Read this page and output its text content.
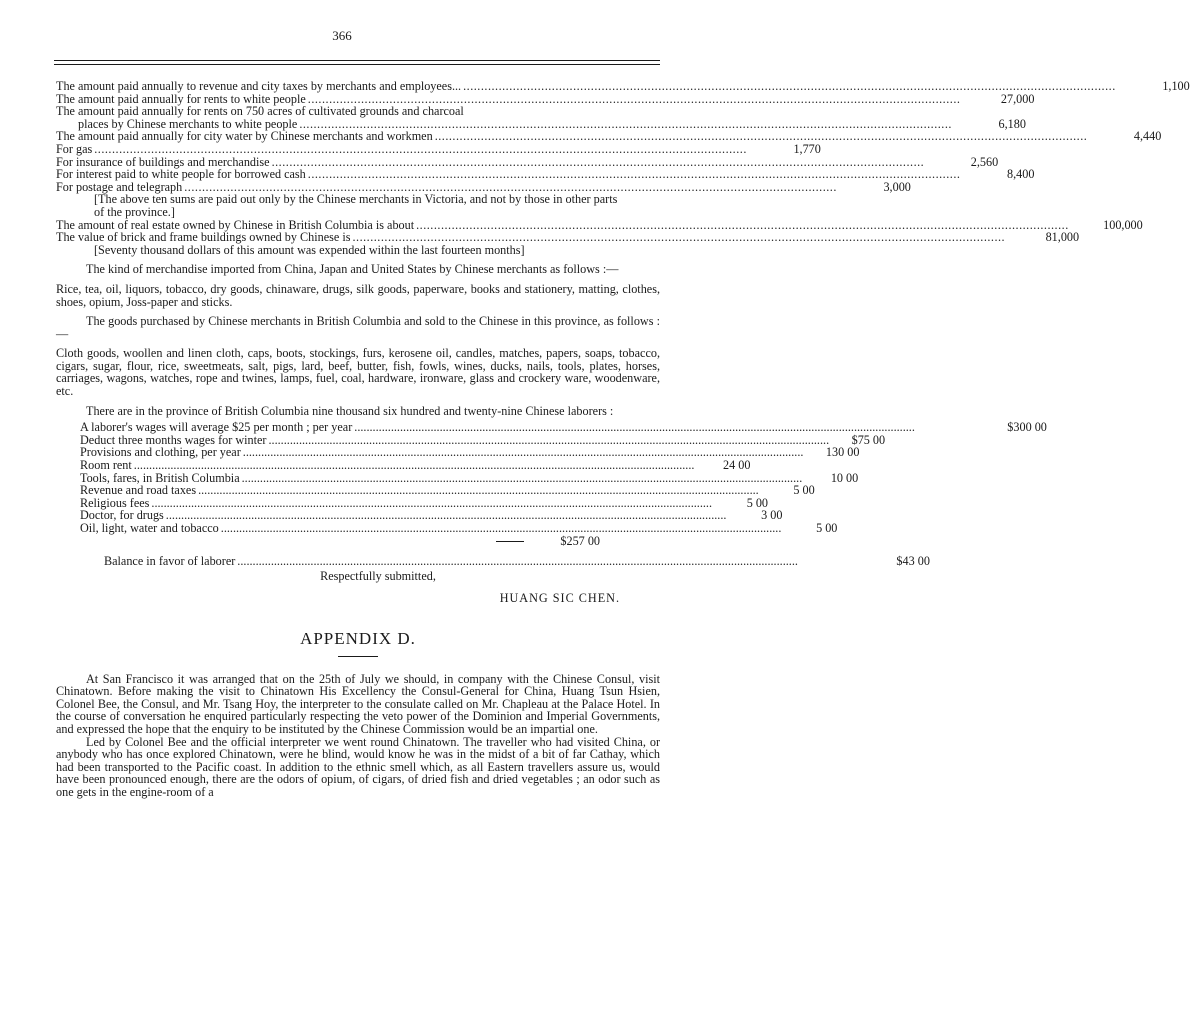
366
The amount paid annually to revenue and city taxes by merchants and employees... .....	1,100
The amount paid annually for rents to white people .....	27,000
The amount paid annually for rents on 750 acres of cultivated grounds and charcoal
places by Chinese merchants to white people .....	6,180
The amount paid annually for city water by Chinese merchants and workmen .....	4,440
For gas .....	1,770
For insurance of buildings and merchandise .....	2,560
For interest paid to white people for borrowed cash .....	8,400
For postage and telegraph .....	3,000
[The above ten sums are paid out only by the Chinese merchants in Victoria, and not by those in other parts of the province.]
The amount of real estate owned by Chinese in British Columbia is about .....	100,000
The value of brick and frame buildings owned by Chinese is .....	81,000
[Seventy thousand dollars of this amount was expended within the last fourteen months]
The kind of merchandise imported from China, Japan and United States by Chinese merchants as follows :—
Rice, tea, oil, liquors, tobacco, dry goods, chinaware, drugs, silk goods, paperware, books and stationery, matting, clothes, shoes, opium, Joss-paper and sticks.
The goods purchased by Chinese merchants in British Columbia and sold to the Chinese in this province, as follows :—
Cloth goods, woollen and linen cloth, caps, boots, stockings, furs, kerosene oil, candles, matches, papers, soaps, tobacco, cigars, sugar, flour, rice, sweetmeats, salt, pigs, lard, beef, butter, fish, fowls, wines, ducks, nails, tools, plates, horses, carriages, wagons, watches, rope and twines, lamps, fuel, coal, hardware, ironware, glass and crockery ware, woodenware, etc.
There are in the province of British Columbia nine thousand six hundred and twenty-nine Chinese laborers :
A laborer's wages will average $25 per month ; per year .....	$300 00
Deduct three months wages for winter .....	$75 00
Provisions and clothing, per year .....	130 00
Room rent .....	24 00
Tools, fares, in British Columbia .....	10 00
Revenue and road taxes .....	5 00
Religious fees .....	5 00
Doctor, for drugs .....	3 00
Oil, light, water and tobacco .....	5 00
$257 00
Balance in favor of laborer .....	$43 00
Respectfully submitted,
HUANG SIC CHEN.
APPENDIX D.
At San Francisco it was arranged that on the 25th of July we should, in company with the Chinese Consul, visit Chinatown. Before making the visit to Chinatown His Excellency the Consul-General for China, Huang Tsun Hsien, Colonel Bee, the Consul, and Mr. Tsang Hoy, the interpreter to the consulate called on Mr. Chapleau at the Palace Hotel. In the course of conversation he enquired particularly respecting the veto power of the Dominion and Imperial Governments, and expressed the hope that the enquiry to be instituted by the Chinese Commission would be an impartial one.
Led by Colonel Bee and the official interpreter we went round Chinatown. The traveller who had visited China, or anybody who has once explored Chinatown, were he blind, would know he was in the midst of a bit of far Cathay, which had been transported to the Pacific coast. In addition to the ethnic smell which, as all Eastern travellers assure us, would have been pronounced enough, there are the odors of opium, of cigars, of dried fish and dried vegetables ; an odor such as one gets in the engine-room of a
